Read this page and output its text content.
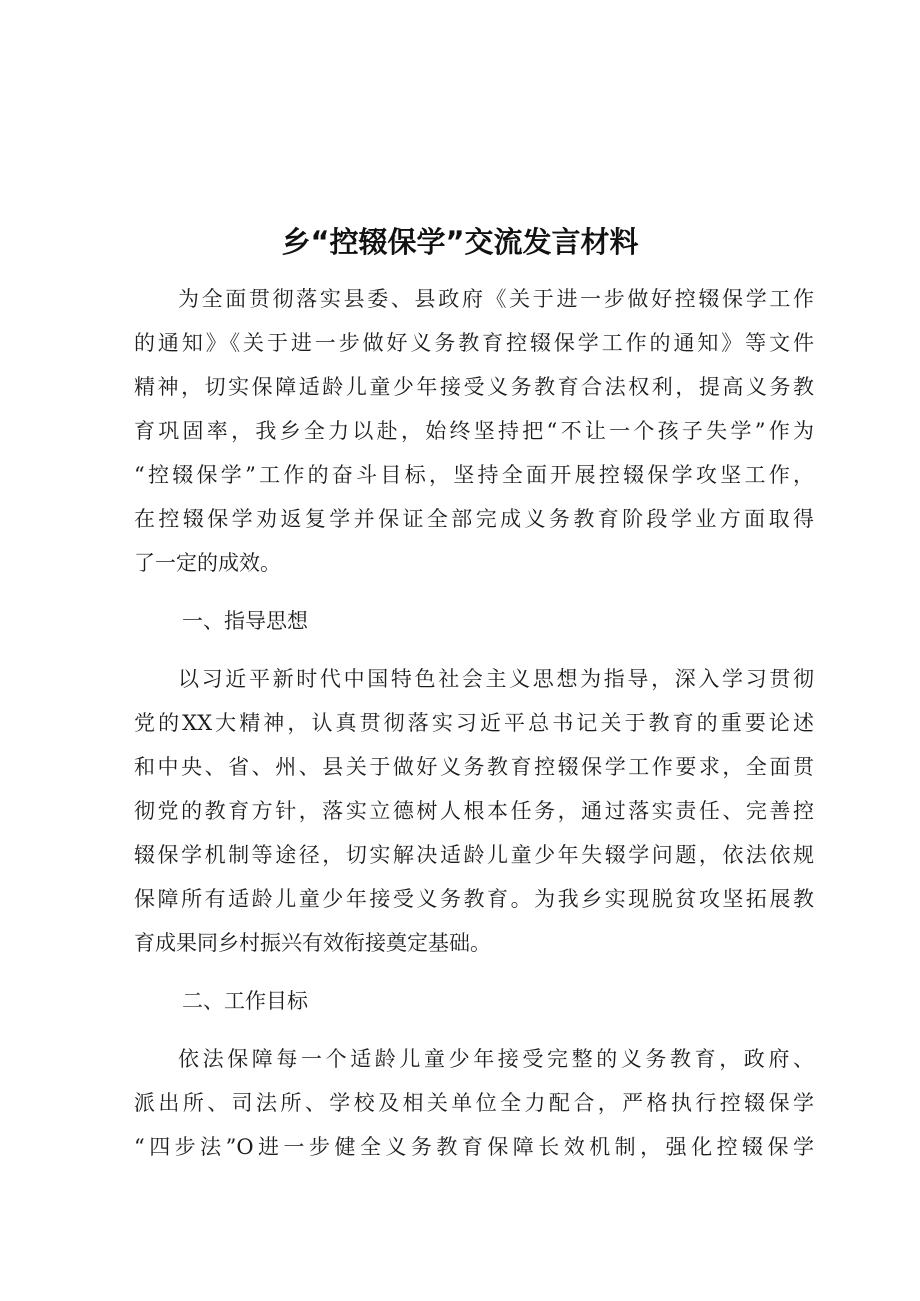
乡“控辍保学”交流发言材料
为全面贯彻落实县委、县政府《关于进一步做好控辍保学工作
的通知》《关于进一步做好义务教育控辍保学工作的通知》等文件
精神，切实保障适龄儿童少年接受义务教育合法权利，提高义务教
育巩固率，我乡全力以赴，始终坚持把“不让一个孩子失学”作为
“控辍保学”工作的奋斗目标，坚持全面开展控辍保学攻坚工作，
在控辍保学劝返复学并保证全部完成义务教育阶段学业方面取得
了一定的成效。
一、指导思想
以习近平新时代中国特色社会主义思想为指导，深入学习贯彻
党的XX大精神，认真贯彻落实习近平总书记关于教育的重要论述
和中央、省、州、县关于做好义务教育控辍保学工作要求，全面贯
彻党的教育方针，落实立德树人根本任务，通过落实责任、完善控
辍保学机制等途径，切实解决适龄儿童少年失辍学问题，依法依规
保障所有适龄儿童少年接受义务教育。为我乡实现脱贫攻坚拓展教
育成果同乡村振兴有效衔接奠定基础。
二、工作目标
依法保障每一个适龄儿童少年接受完整的义务教育，政府、
派出所、司法所、学校及相关单位全力配合，严格执行控辍保学
“四步法”O进一步健全义务教育保障长效机制，强化控辍保学
